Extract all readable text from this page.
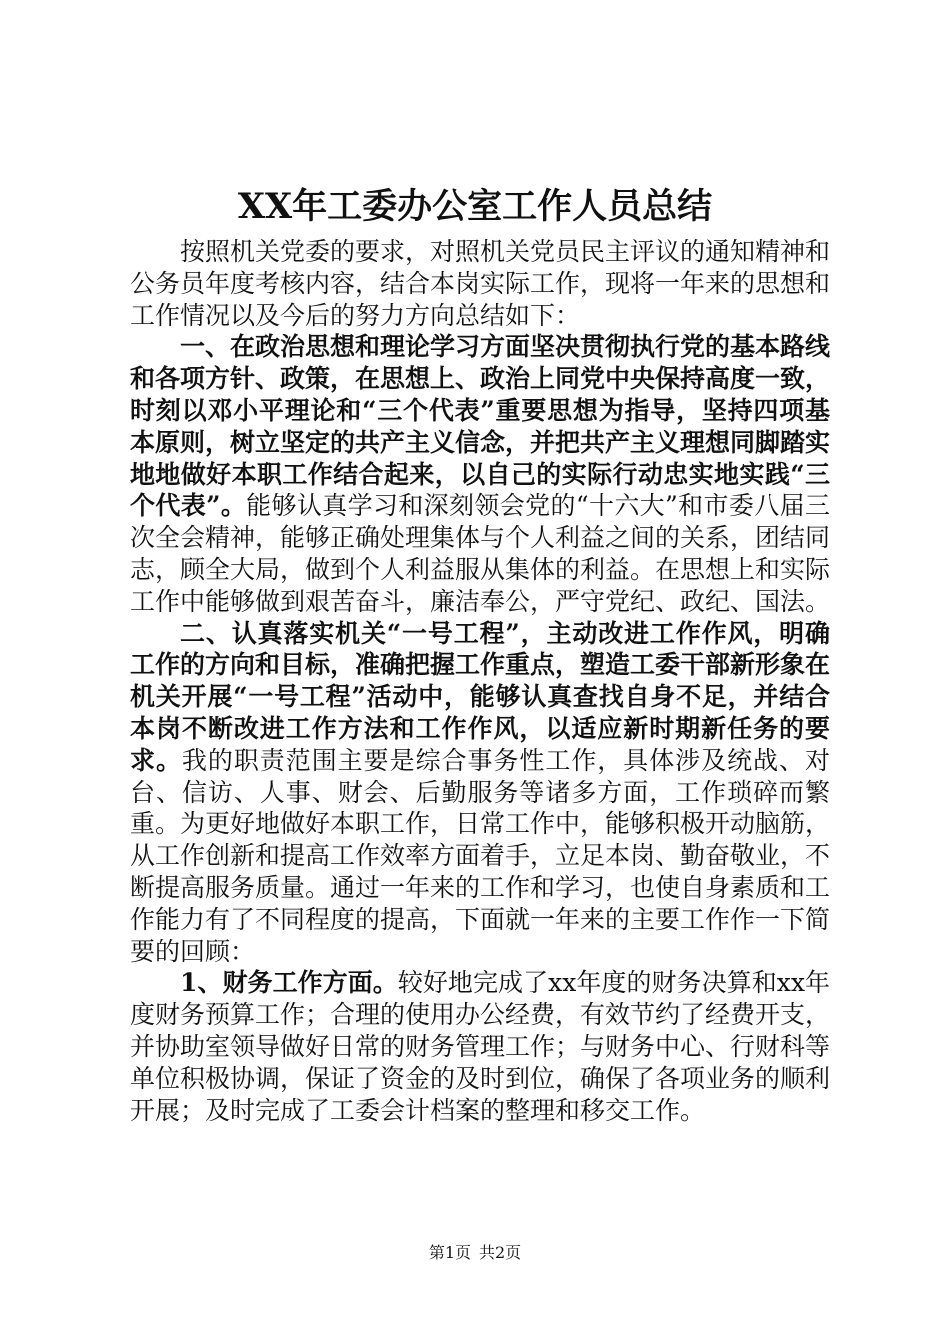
XX年工委办公室工作人员总结

按照机关党委的要求，对照机关党员民主评议的通知精神和公务员年度考核内容，结合本岗实际工作，现将一年来的思想和工作情况以及今后的努力方向总结如下：

一、在政治思想和理论学习方面坚决贯彻执行党的基本路线和各项方针、政策，在思想上、政治上同党中央保持高度一致，时刻以邓小平理论和“三个代表”重要思想为指导，坚持四项基本原则，树立坚定的共产主义信念，并把共产主义理想同脚踏实地地做好本职工作结合起来，以自己的实际行动忠实地实践“三个代表”。能够认真学习和深刻领会党的“十六大”和市委八届三次全会精神，能够正确处理集体与个人利益之间的关系，团结同志，顾全大局，做到个人利益服从集体的利益。在思想上和实际工作中能够做到艰苦奋斗，廉洁奉公，严守党纪、政纪、国法。

二、认真落实机关“一号工程”，主动改进工作作风，明确工作的方向和目标，准确把握工作重点，塑造工委干部新形象在机关开展“一号工程”活动中，能够认真查找自身不足，并结合本岗不断改进工作方法和工作作风，以适应新时期新任务的要求。我的职责范围主要是综合事务性工作，具体涉及统战、对台、信访、人事、财会、后勤服务等诸多方面，工作琐碎而繁重。为更好地做好本职工作，日常工作中，能够积极开动脑筋，从工作创新和提高工作效率方面着手，立足本岗、勤奋敬业，不断提高服务质量。通过一年来的工作和学习，也使自身素质和工作能力有了不同程度的提高，下面就一年来的主要工作作一下简要的回顾：

1、财务工作方面。较好地完成了xx年度的财务决算和xx年度财务预算工作；合理的使用办公经费，有效节约了经费开支，并协助室领导做好日常的财务管理工作；与财务中心、行财科等单位积极协调，保证了资金的及时到位，确保了各项业务的顺利开展；及时完成了工委会计档案的整理和移交工作。

第1页 共2页
